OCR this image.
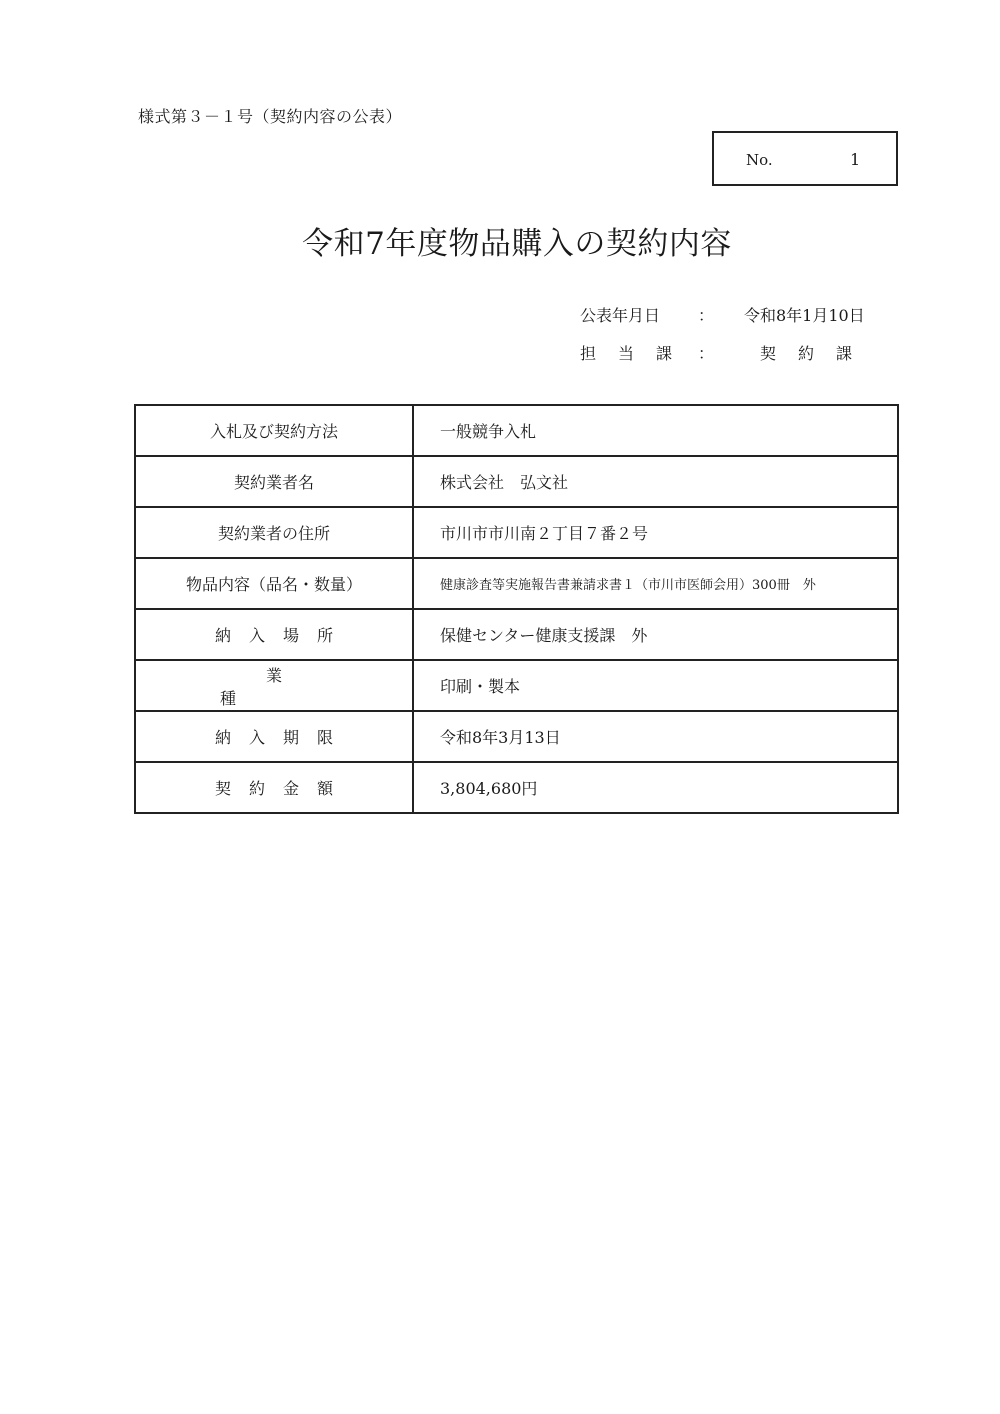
様式第３－１号（契約内容の公表）
No.	1
令和7年度物品購入の契約内容
公表年月日 ： 令和8年1月10日
担当課 ：	契約課
入札及び契約方法	一般競争入札
契約業者名	株式会社　弘文社
契約業者の住所	市川市市川南２丁目７番２号
物品内容（品名・数量）	健康診査等実施報告書兼請求書１（市川市医師会用）300冊　外
納入場所	保健センター健康支援課　外
業種	印刷・製本
納入期限	令和8年3月13日
契約金額	3,804,680円
